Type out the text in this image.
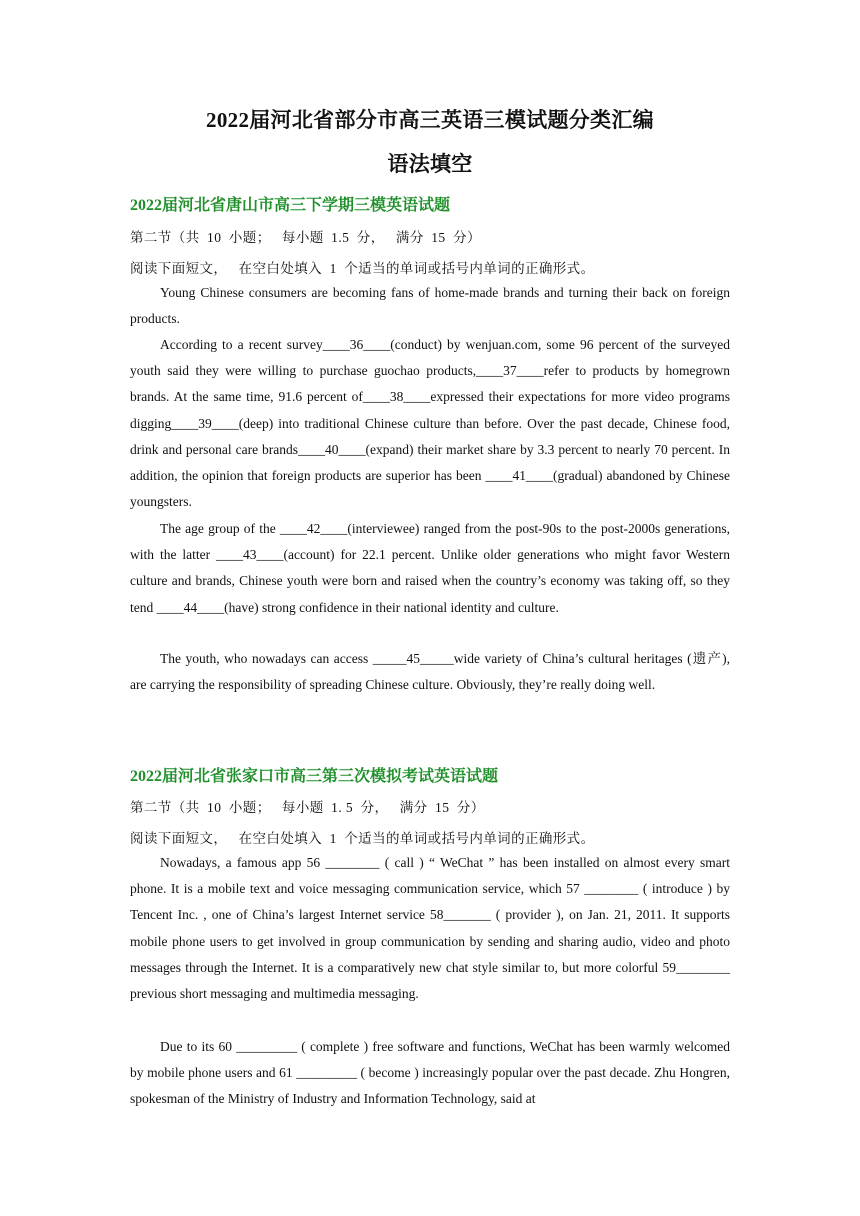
2022届河北省部分市高三英语三模试题分类汇编
语法填空
2022届河北省唐山市高三下学期三模英语试题
第二节（共  10  小题；   每小题  1.5  分，   满分  15  分）
阅读下面短文，   在空白处填入  1  个适当的单词或括号内单词的正确形式。

Young Chinese consumers are becoming fans of home-made brands and turning their back on foreign products.

According to a recent survey____36____(conduct) by wenjuan.com, some 96 percent of the surveyed youth said they were willing to purchase guochao products,____37____refer to products by homegrown brands. At the same time, 91.6 percent of____38____expressed their expectations for more video programs digging____39____(deep) into traditional Chinese culture than before. Over the past decade, Chinese food, drink and personal care brands____40____(expand) their market share by 3.3 percent to nearly 70 percent. In addition, the opinion that foreign products are superior has been ____41____(gradual) abandoned by Chinese youngsters.

The age group of the ____42____(interviewee) ranged from the post-90s to the post-2000s generations, with the latter ____43____(account) for 22.1 percent. Unlike older generations who might favor Western culture and brands, Chinese youth were born and raised when the country’s economy was taking off, so they tend ____44____(have) strong confidence in their national identity and culture.

The youth, who nowadays can access _____45_____wide variety of China’s cultural heritages (遗产), are carrying the responsibility of spreading Chinese culture. Obviously, they’re really doing well.

2022届河北省张家口市高三第三次模拟考试英语试题
第二节（共  10  小题；   每小题  1. 5  分，   满分  15  分）
阅读下面短文，   在空白处填入  1  个适当的单词或括号内单词的正确形式。

Nowadays, a famous app 56 ________ ( call ) “ WeChat ” has been installed on almost every smart phone. It is a mobile text and voice messaging communication service, which 57 ________ ( introduce ) by Tencent Inc. , one of China’s largest Internet service 58_______ ( provider ), on Jan. 21, 2011. It supports mobile phone users to get involved in group communication by sending and sharing audio, video and photo messages through the Internet. It is a comparatively new chat style similar to, but more colorful 59________ previous short messaging and multimedia messaging.

Due to its 60 _________ ( complete ) free software and functions, WeChat has been warmly welcomed by mobile phone users and 61 _________ ( become ) increasingly popular over the past decade. Zhu Hongren, spokesman of the Ministry of Industry and Information Technology, said at
